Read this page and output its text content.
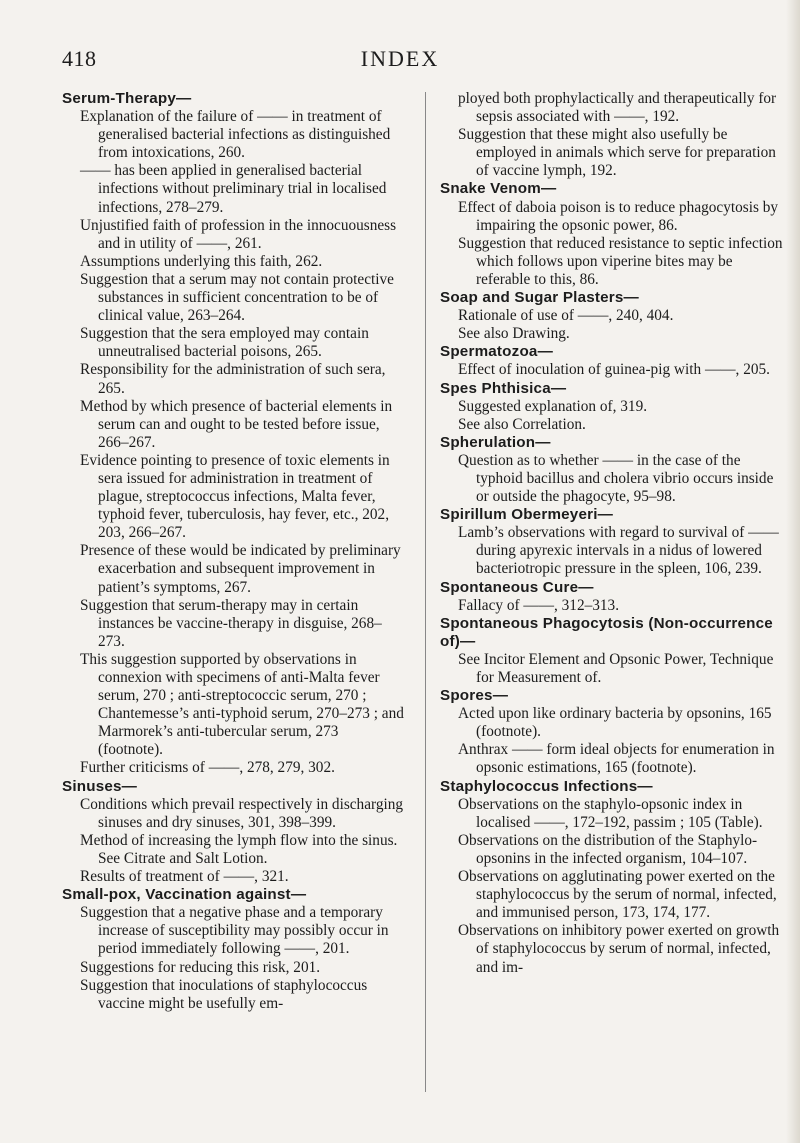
418	INDEX
Serum-Therapy—

Explanation of the failure of —— in treatment of generalised bacterial infections as distinguished from intoxications, 260.

—— has been applied in generalised bacterial infections without preliminary trial in localised infections, 278–279.

Unjustified faith of profession in the innocuousness and in utility of ——, 261.

Assumptions underlying this faith, 262.

Suggestion that a serum may not contain protective substances in sufficient concentration to be of clinical value, 263–264.

Suggestion that the sera employed may contain unneutralised bacterial poisons, 265.

Responsibility for the administration of such sera, 265.

Method by which presence of bacterial elements in serum can and ought to be tested before issue, 266–267.

Evidence pointing to presence of toxic elements in sera issued for administration in treatment of plague, streptococcus infections, Malta fever, typhoid fever, tuberculosis, hay fever, etc., 202, 203, 266–267.

Presence of these would be indicated by preliminary exacerbation and subsequent improvement in patient’s symptoms, 267.

Suggestion that serum-therapy may in certain instances be vaccine-therapy in disguise, 268–273.

This suggestion supported by observations in connexion with specimens of anti-Malta fever serum, 270 ; anti-streptococcic serum, 270 ; Chantemesse’s anti-typhoid serum, 270–273 ; and Marmorek’s anti-tubercular serum, 273 (footnote).

Further criticisms of ——, 278, 279, 302.

Sinuses—

Conditions which prevail respectively in discharging sinuses and dry sinuses, 301, 398–399.

Method of increasing the lymph flow into the sinus. See Citrate and Salt Lotion.

Results of treatment of ——, 321.

Small-pox, Vaccination against—

Suggestion that a negative phase and a temporary increase of susceptibility may possibly occur in period immediately following ——, 201.

Suggestions for reducing this risk, 201.

Suggestion that inoculations of staphylococcus vaccine might be usefully em-

ployed both prophylactically and therapeutically for sepsis associated with ——, 192.

Suggestion that these might also usefully be employed in animals which serve for preparation of vaccine lymph, 192.

Snake Venom—

Effect of daboia poison is to reduce phagocytosis by impairing the opsonic power, 86.

Suggestion that reduced resistance to septic infection which follows upon viperine bites may be referable to this, 86.

Soap and Sugar Plasters—

Rationale of use of ——, 240, 404.

See also Drawing.

Spermatozoa—

Effect of inoculation of guinea-pig with ——, 205.

Spes Phthisica—

Suggested explanation of, 319.

See also Correlation.

Spherulation—

Question as to whether —— in the case of the typhoid bacillus and cholera vibrio occurs inside or outside the phagocyte, 95–98.

Spirillum Obermeyeri—

Lamb’s observations with regard to survival of —— during apyrexic intervals in a nidus of lowered bacteriotropic pressure in the spleen, 106, 239.

Spontaneous Cure—

Fallacy of ——, 312–313.

Spontaneous Phagocytosis (Non-occurrence of)—

See Incitor Element and Opsonic Power, Technique for Measurement of.

Spores—

Acted upon like ordinary bacteria by opsonins, 165 (footnote).

Anthrax —— form ideal objects for enumeration in opsonic estimations, 165 (footnote).

Staphylococcus Infections—

Observations on the staphylo-opsonic index in localised ——, 172–192, passim ; 105 (Table).

Observations on the distribution of the Staphylo-opsonins in the infected organism, 104–107.

Observations on agglutinating power exerted on the staphylococcus by the serum of normal, infected, and immunised person, 173, 174, 177.

Observations on inhibitory power exerted on growth of staphylococcus by serum of normal, infected, and im-
